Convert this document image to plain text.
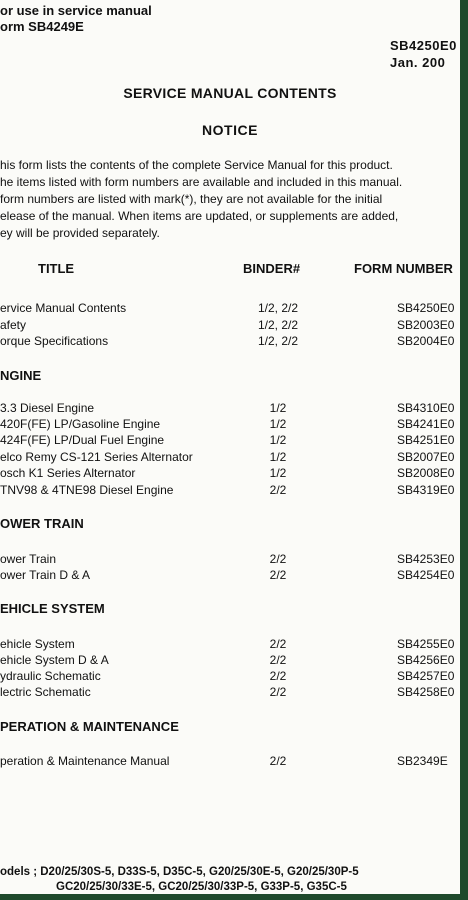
or use in service manual
orm SB4249E
SB4250E0
Jan. 200
SERVICE MANUAL CONTENTS
NOTICE
his form lists the contents of the complete Service Manual for this product.
he items listed with form numbers are available and included in this manual.
form numbers are listed with mark(*), they are not available for the initial
elease of the manual. When items are updated, or supplements are added,
ey will be provided separately.
TITLE	BINDER#	FORM NUMBER
ervice Manual Contents	1/2, 2/2	SB4250E0
afety	1/2, 2/2	SB2003E0
orque Specifications	1/2, 2/2	SB2004E0
NGINE
3.3 Diesel Engine	1/2	SB4310E0
420F(FE) LP/Gasoline Engine	1/2	SB4241E0
424F(FE) LP/Dual Fuel Engine	1/2	SB4251E0
elco Remy CS-121 Series Alternator	1/2	SB2007E0
osch K1 Series Alternator	1/2	SB2008E0
TNV98 & 4TNE98 Diesel Engine	2/2	SB4319E0
OWER TRAIN
ower Train	2/2	SB4253E0
ower Train D & A	2/2	SB4254E0
EHICLE SYSTEM
ehicle System	2/2	SB4255E0
ehicle System D & A	2/2	SB4256E0
ydraulic Schematic	2/2	SB4257E0
lectric Schematic	2/2	SB4258E0
PERATION & MAINTENANCE
peration & Maintenance Manual	2/2	SB2349E
odels ; D20/25/30S-5, D33S-5, D35C-5, G20/25/30E-5, G20/25/30P-5
GC20/25/30/33E-5, GC20/25/30/33P-5, G33P-5, G35C-5
